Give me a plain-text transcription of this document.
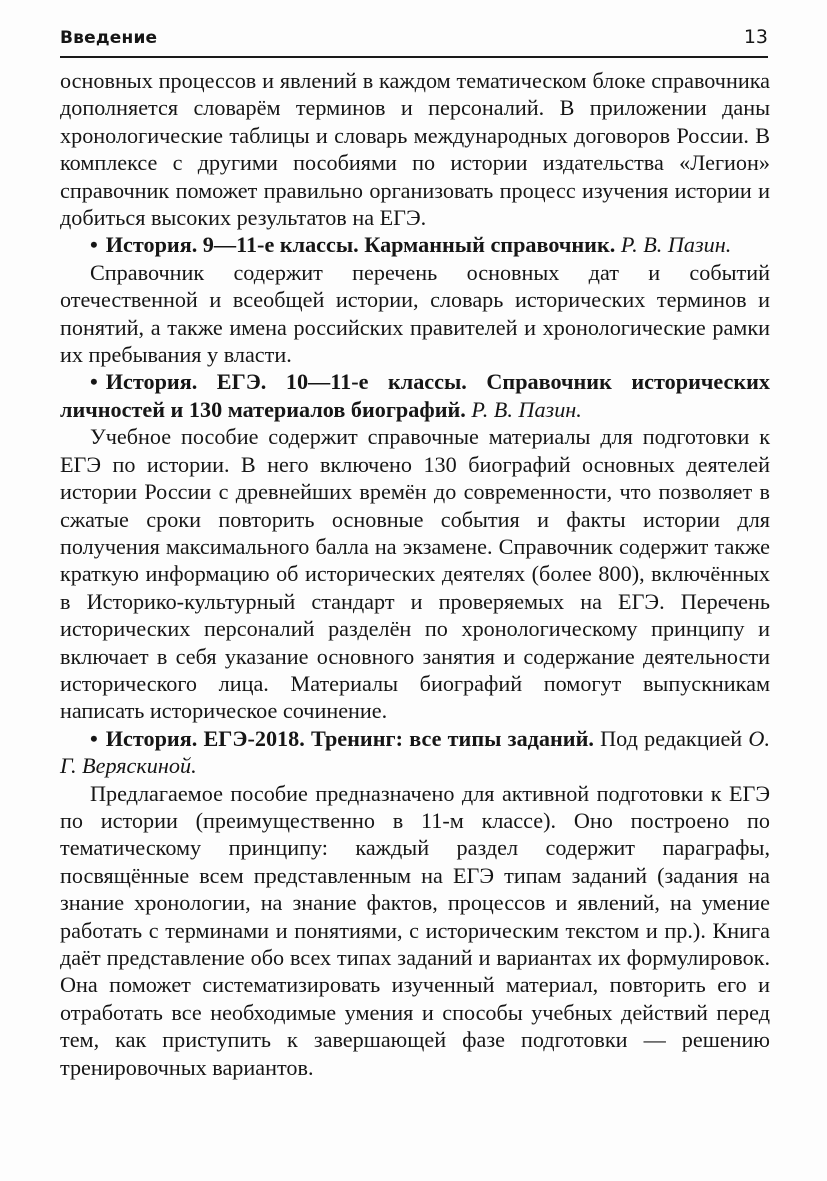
Введение	13

основных процессов и явлений в каждом тематическом блоке справочника дополняется словарём терминов и персоналий. В приложении даны хронологические таблицы и словарь международных договоров России. В комплексе с другими пособиями по истории издательства «Легион» справочник поможет правильно организовать процесс изучения истории и добиться высоких результатов на ЕГЭ.

• История. 9—11-е классы. Карманный справочник. Р. В. Пазин.

Справочник содержит перечень основных дат и событий отечественной и всеобщей истории, словарь исторических терминов и понятий, а также имена российских правителей и хронологические рамки их пребывания у власти.

• История. ЕГЭ. 10—11-е классы. Справочник исторических личностей и 130 материалов биографий. Р. В. Пазин.

Учебное пособие содержит справочные материалы для подготовки к ЕГЭ по истории. В него включено 130 биографий основных деятелей истории России с древнейших времён до современности, что позволяет в сжатые сроки повторить основные события и факты истории для получения максимального балла на экзамене. Справочник содержит также краткую информацию об исторических деятелях (более 800), включённых в Историко-культурный стандарт и проверяемых на ЕГЭ. Перечень исторических персоналий разделён по хронологическому принципу и включает в себя указание основного занятия и содержание деятельности исторического лица. Материалы биографий помогут выпускникам написать историческое сочинение.

• История. ЕГЭ-2018. Тренинг: все типы заданий. Под редакцией О. Г. Веряскиной.

Предлагаемое пособие предназначено для активной подготовки к ЕГЭ по истории (преимущественно в 11-м классе). Оно построено по тематическому принципу: каждый раздел содержит параграфы, посвящённые всем представленным на ЕГЭ типам заданий (задания на знание хронологии, на знание фактов, процессов и явлений, на умение работать с терминами и понятиями, с историческим текстом и пр.). Книга даёт представление обо всех типах заданий и вариантах их формулировок. Она поможет систематизировать изученный материал, повторить его и отработать все необходимые умения и способы учебных действий перед тем, как приступить к завершающей фазе подготовки — решению тренировочных вариантов.
